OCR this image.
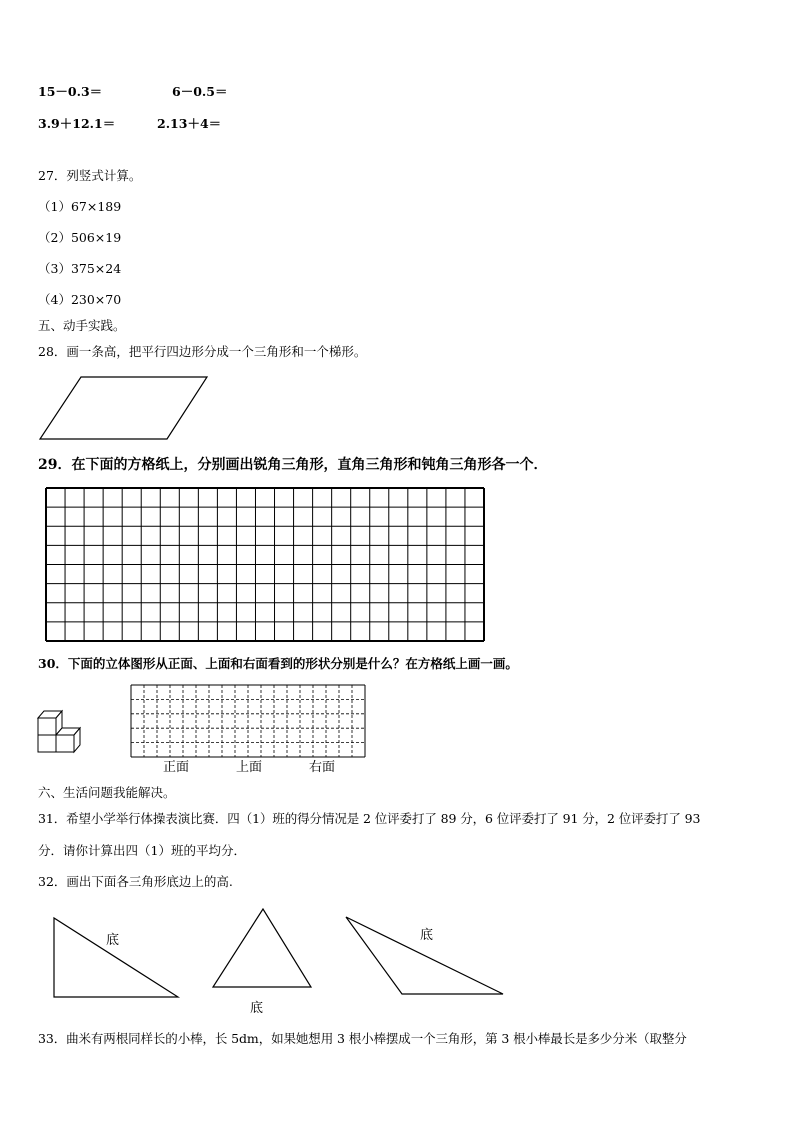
15－0.3＝	6－0.5＝
3.9＋12.1＝	2.13＋4＝
27．列竖式计算。
（1）67×189
（2）506×19
（3）375×24
（4）230×70
五、动手实践。
28．画一条高，把平行四边形分成一个三角形和一个梯形。
29．在下面的方格纸上，分别画出锐角三角形，直角三角形和钝角三角形各一个．
30．下面的立体图形从正面、上面和右面看到的形状分别是什么？在方格纸上画一画。
正面	上面	右面
六、生活问题我能解决。
31．希望小学举行体操表演比赛．四（1）班的得分情况是 2 位评委打了 89 分，6 位评委打了 91 分，2 位评委打了 93
分．请你计算出四（1）班的平均分．
32．画出下面各三角形底边上的高.
底
底
底
33．曲米有两根同样长的小棒，长 5dm，如果她想用 3 根小棒摆成一个三角形，第 3 根小棒最长是多少分米（取整分
